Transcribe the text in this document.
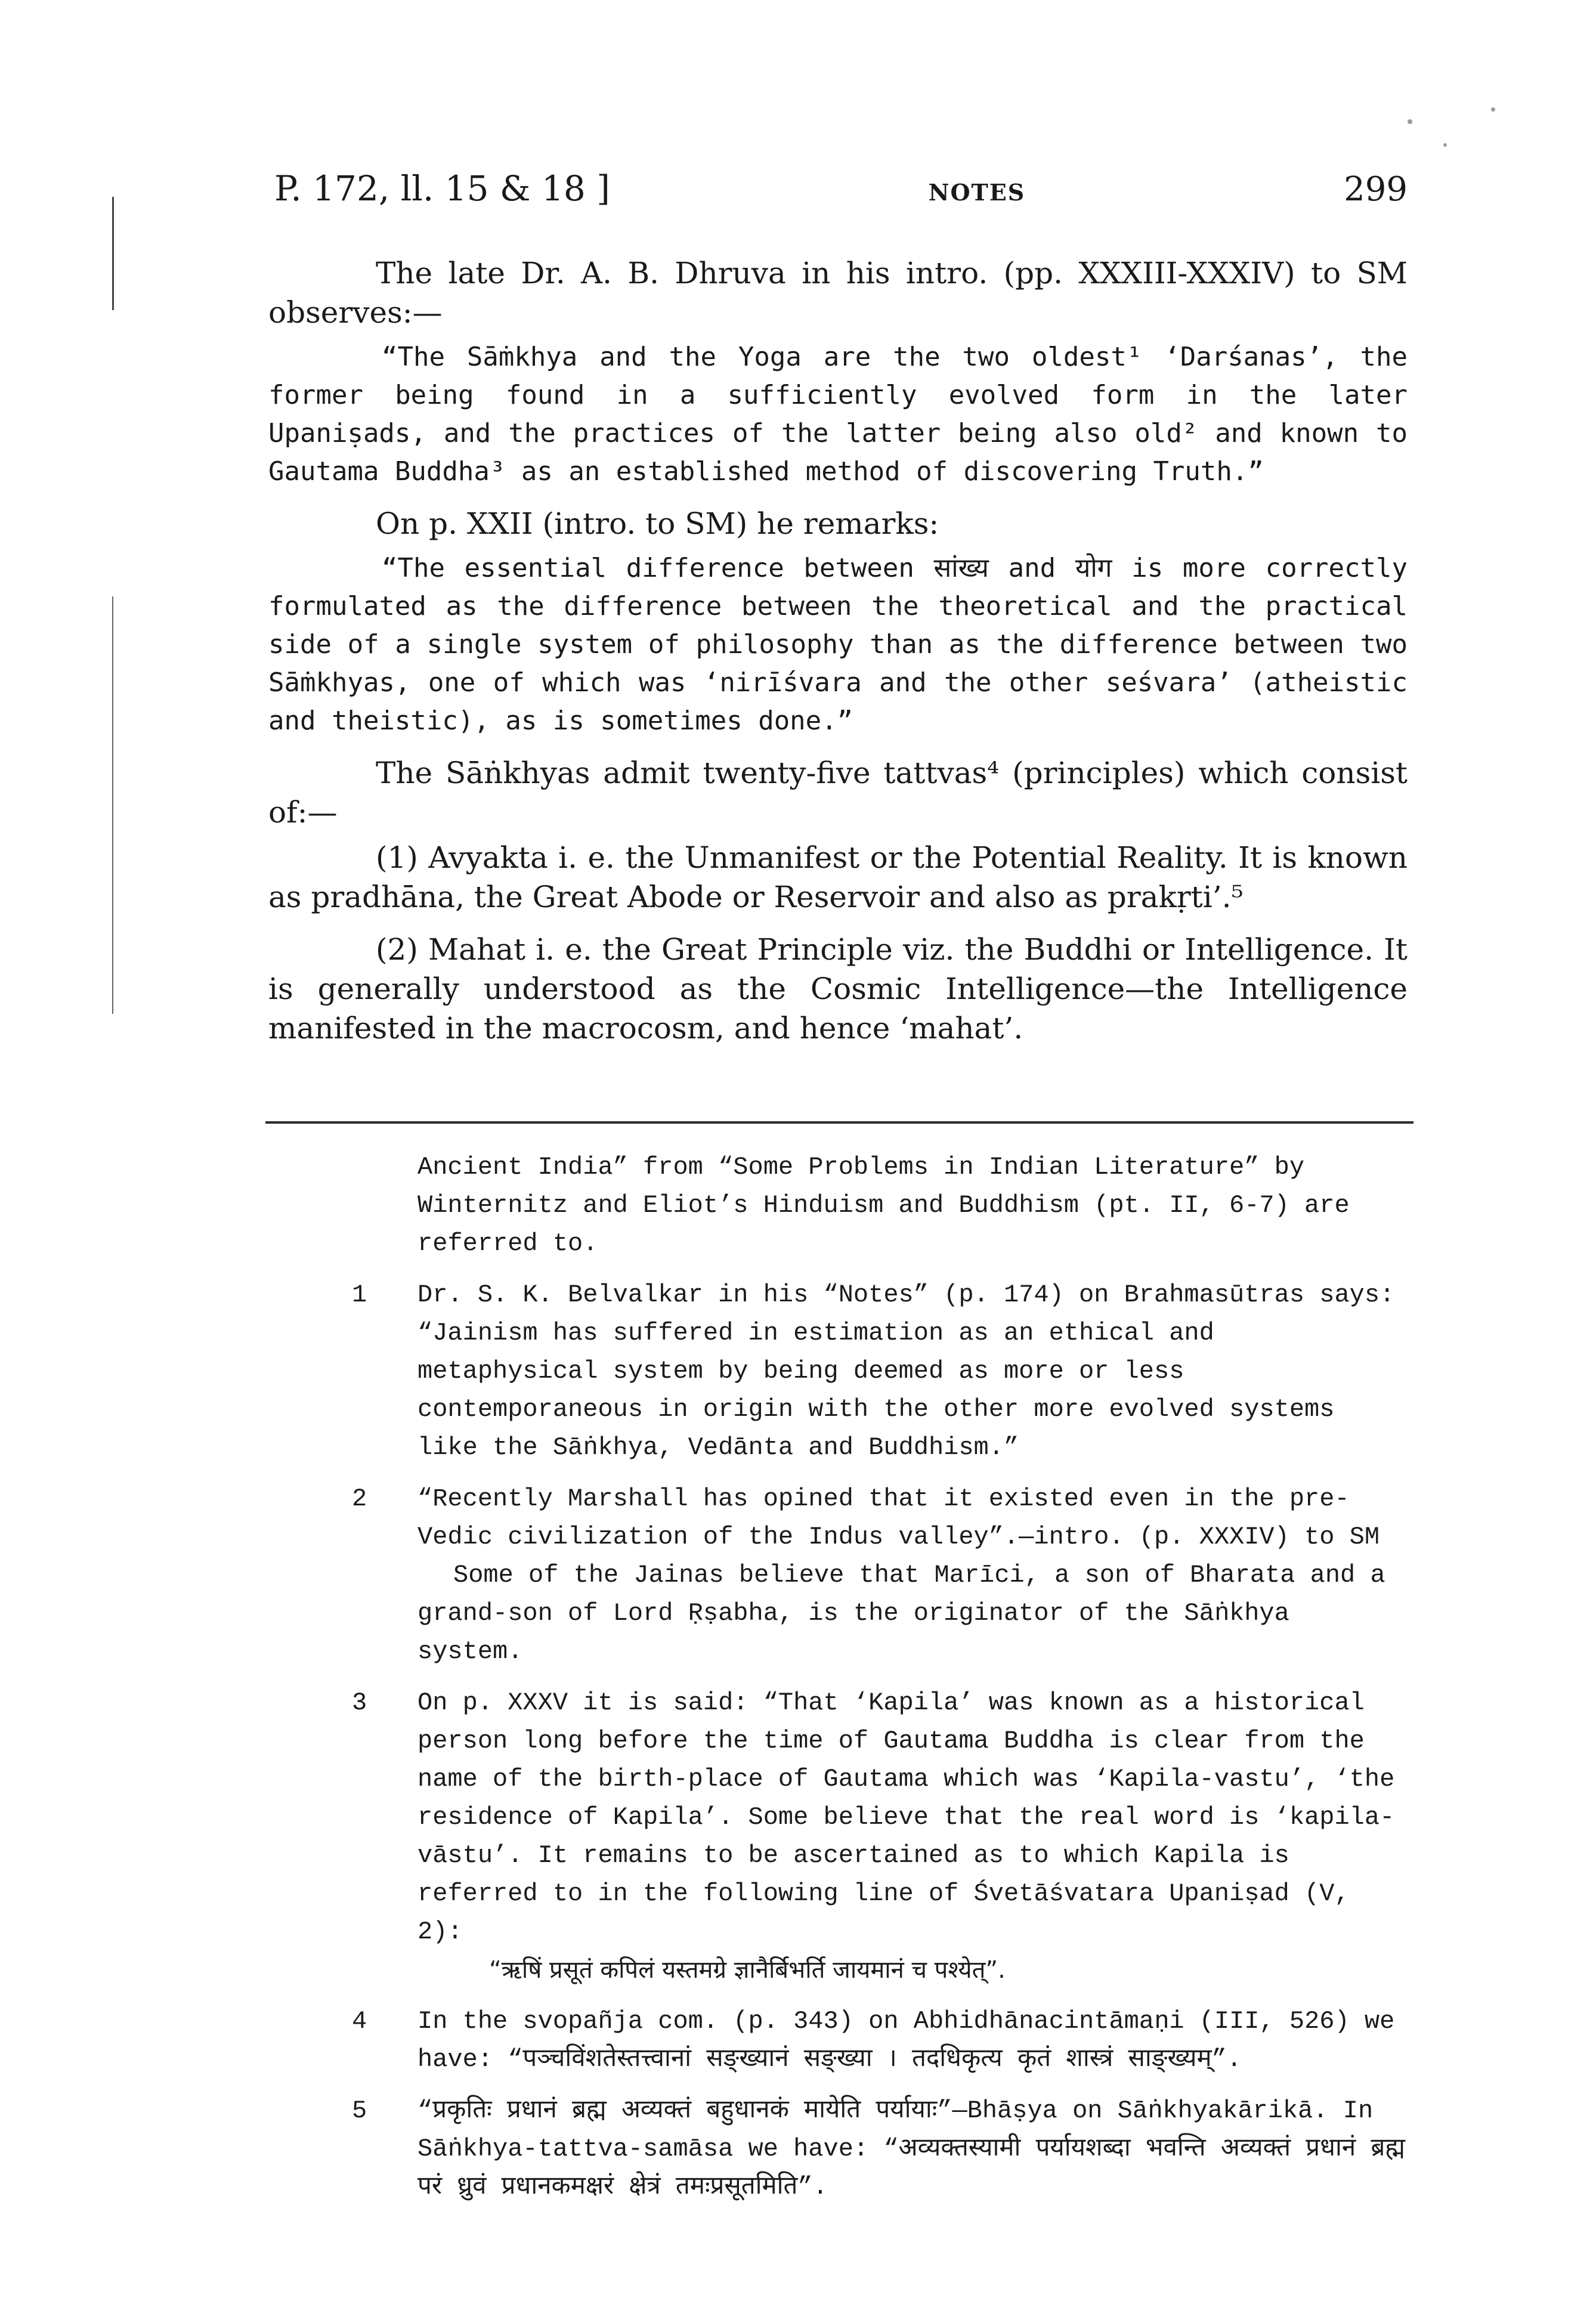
P. 172, ll. 15 & 18 ]	NOTES	299

The late Dr. A. B. Dhruva in his intro. (pp. XXXIII-XXXIV) to SM observes:—

“The Sāṁkhya and the Yoga are the two oldest¹ ‘Darśanas’, the former being found in a sufficiently evolved form in the later Upaniṣads, and the practices of the latter being also old² and known to Gautama Buddha³ as an established method of discovering Truth.”

On p. XXII (intro. to SM) he remarks:

“The essential difference between सांख्य and योग is more correctly formulated as the difference between the theoretical and the practical side of a single system of philosophy than as the difference between two Sāṁkhyas, one of which was ‘nirīśvara and the other seśvara’ (atheistic and theistic), as is sometimes done.”

The Sāṅkhyas admit twenty-five tattvas⁴ (principles) which consist of:—

(1) Avyakta i. e. the Unmanifest or the Potential Reality. It is known as pradhāna, the Great Abode or Reservoir and also as prakṛti’.⁵

(2) Mahat i. e. the Great Principle viz. the Buddhi or Intelligence. It is generally understood as the Cosmic Intelligence—the Intelligence manifested in the macrocosm, and hence ‘mahat’.

Ancient India” from “Some Problems in Indian Literature” by Winternitz and Eliot’s Hinduism and Buddhism (pt. II, 6-7) are referred to.

1	Dr. S. K. Belvalkar in his “Notes” (p. 174) on Brahmasūtras says: “Jainism has suffered in estimation as an ethical and metaphysical system by being deemed as more or less contemporaneous in origin with the other more evolved systems like the Sāṅkhya, Vedānta and Buddhism.”

2	“Recently Marshall has opined that it existed even in the pre-Vedic civilization of the Indus valley”.—intro. (p. XXXIV) to SM

Some of the Jainas believe that Marīci, a son of Bharata and a grand-son of Lord Ṛṣabha, is the originator of the Sāṅkhya system.

3	On p. XXXV it is said: “That ‘Kapila’ was known as a historical person long before the time of Gautama Buddha is clear from the name of the birth-place of Gautama which was ‘Kapila-vastu’, ‘the residence of Kapila’. Some believe that the real word is ‘kapila-vāstu’. It remains to be ascertained as to which Kapila is referred to in the following line of Śvetāśvatara Upaniṣad (V, 2):

“ऋषिं प्रसूतं कपिलं यस्तमग्रे ज्ञानैर्बिभर्ति जायमानं च पश्येत्”.

4	In the svopañja com. (p. 343) on Abhidhānacintāmaṇi (III, 526) we have: “पञ्चविंशतेस्तत्त्वानां सङ्ख्यानं सङ्ख्या । तदधिकृत्य कृतं शास्त्रं साङ्ख्यम्”.

5	“प्रकृतिः प्रधानं ब्रह्म अव्यक्तं बहुधानकं मायेति पर्यायाः”—Bhāṣya on Sāṅkhyakārikā. In Sāṅkhya-tattva-samāsa we have: “अव्यक्तस्यामी पर्यायशब्दा भवन्ति अव्यक्तं प्रधानं ब्रह्म परं ध्रुवं प्रधानकमक्षरं क्षेत्रं तमःप्रसूतमिति”.
